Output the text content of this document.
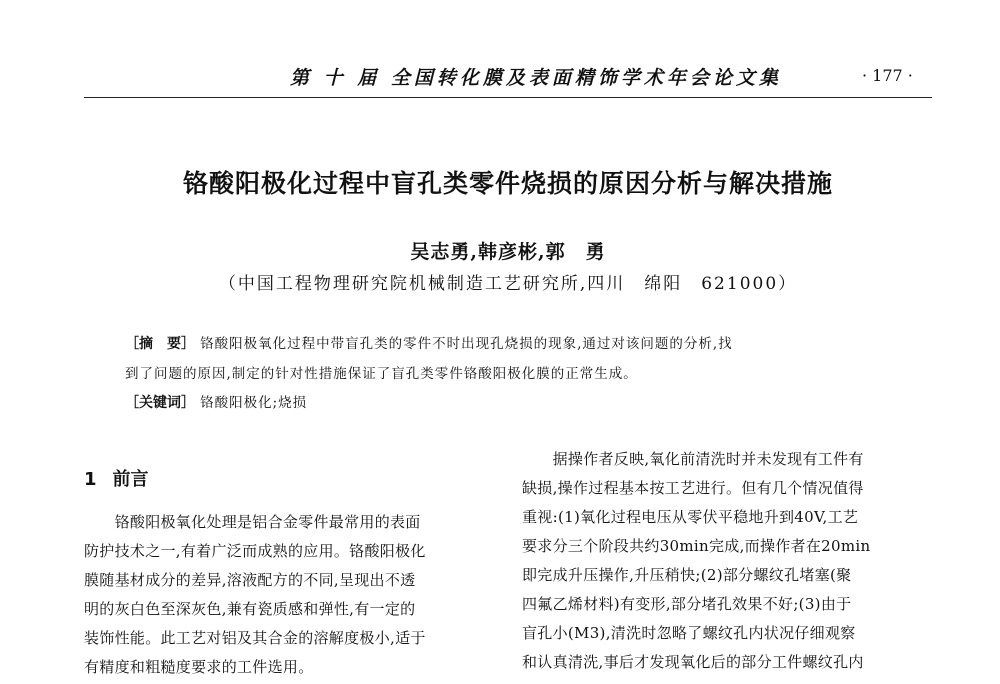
第 十 届 全国转化膜及表面精饰学术年会论文集	· 177 ·
铬酸阳极化过程中盲孔类零件烧损的原因分析与解决措施
吴志勇,韩彦彬,郭　勇
（中国工程物理研究院机械制造工艺研究所,四川　绵阳　621000）
［摘　要］ 铬酸阳极氧化过程中带盲孔类的零件不时出现孔烧损的现象,通过对该问题的分析,找
到了问题的原因,制定的针对性措施保证了盲孔类零件铬酸阳极化膜的正常生成。
［关键词］ 铬酸阳极化;烧损
1 前言
　　铬酸阳极氧化处理是铝合金零件最常用的表面
防护技术之一,有着广泛而成熟的应用。铬酸阳极化
膜随基材成分的差异,溶液配方的不同,呈现出不透
明的灰白色至深灰色,兼有瓷质感和弹性,有一定的
装饰性能。此工艺对铝及其合金的溶解度极小,适于
有精度和粗糙度要求的工件选用。
　　据操作者反映,氧化前清洗时并未发现有工件有
缺损,操作过程基本按工艺进行。但有几个情况值得
重视:(1)氧化过程电压从零伏平稳地升到40V,工艺
要求分三个阶段共约30min完成,而操作者在20min
即完成升压操作,升压稍快;(2)部分螺纹孔堵塞(聚
四氟乙烯材料)有变形,部分堵孔效果不好;(3)由于
盲孔小(M3),清洗时忽略了螺纹孔内状况仔细观察
和认真清洗,事后才发现氧化后的部分工件螺纹孔内
